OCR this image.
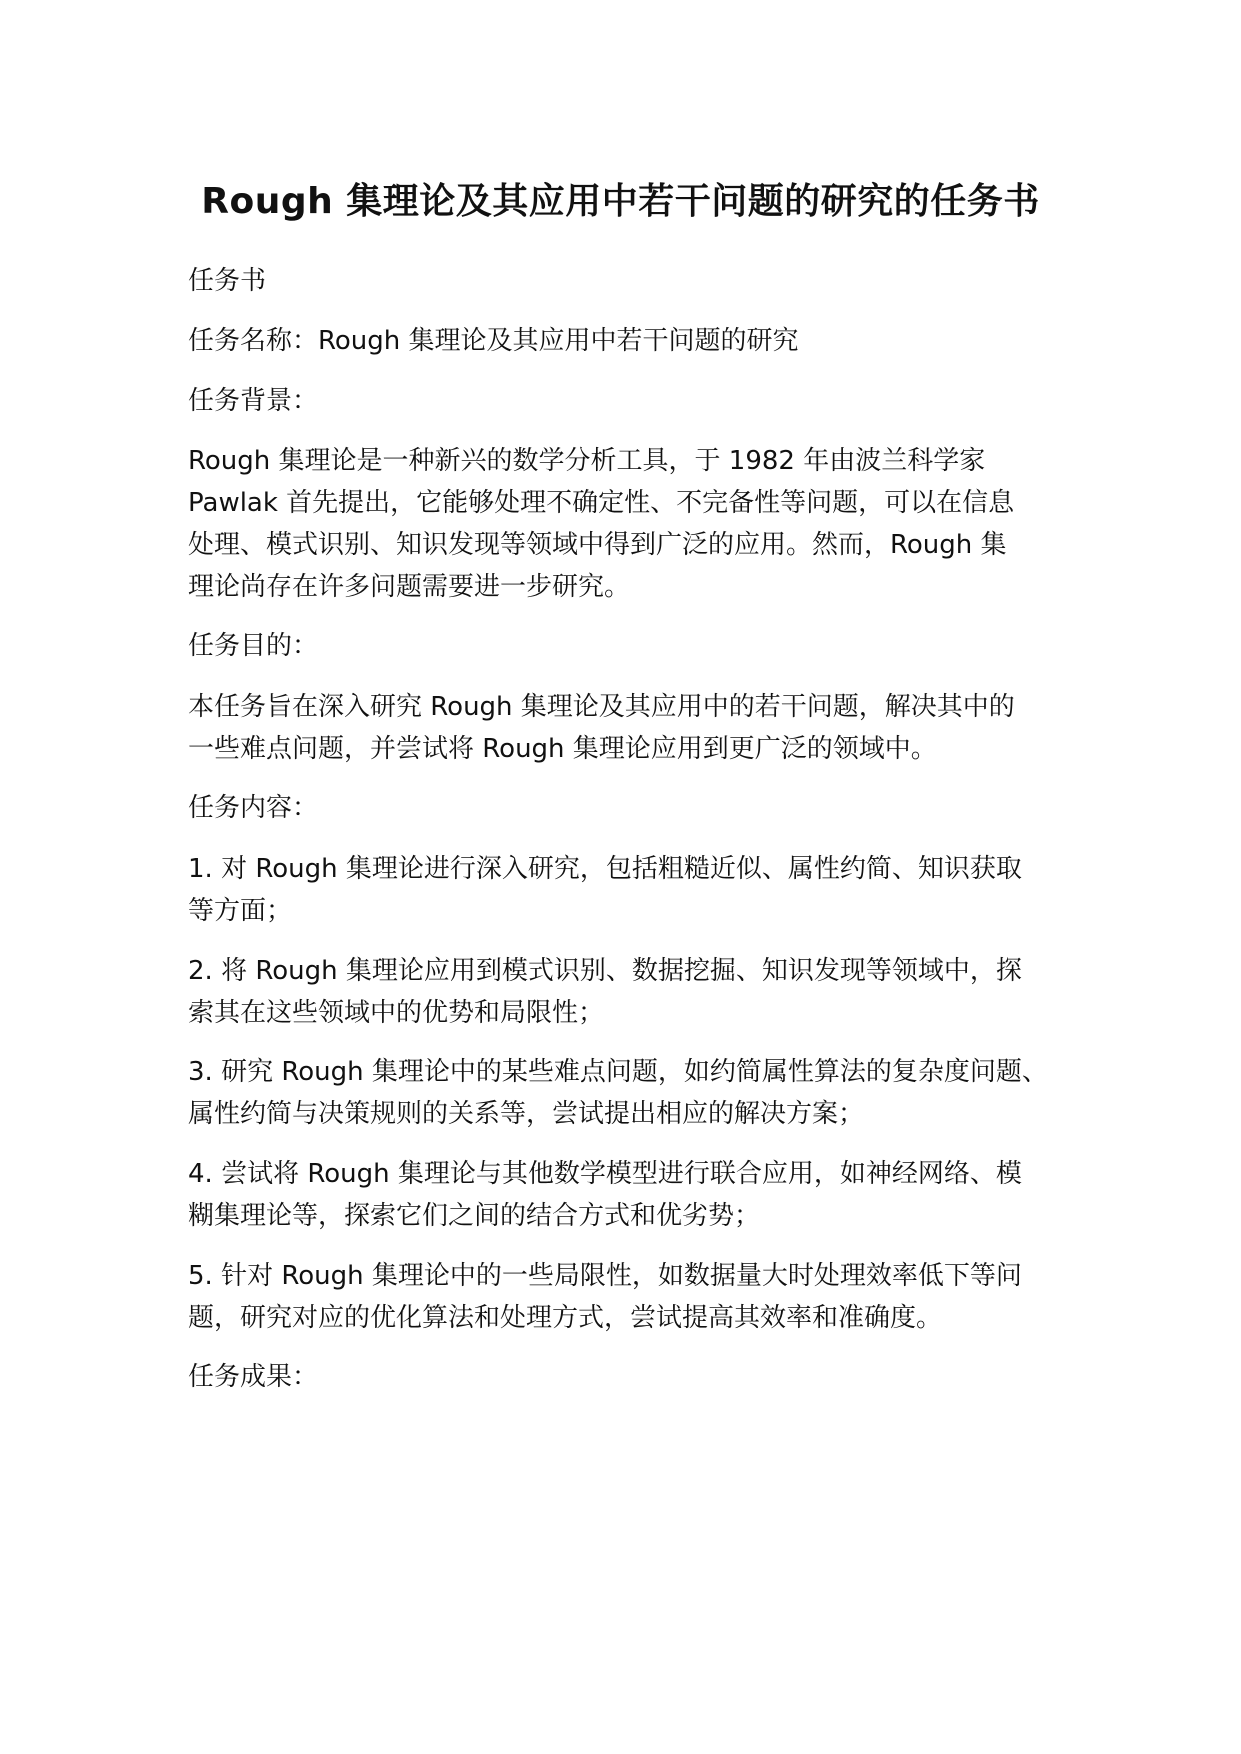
Rough 集理论及其应用中若干问题的研究的任务书

任务书

任务名称：Rough 集理论及其应用中若干问题的研究

任务背景：

Rough 集理论是一种新兴的数学分析工具，于 1982 年由波兰科学家

Pawlak 首先提出，它能够处理不确定性、不完备性等问题，可以在信息

处理、模式识别、知识发现等领域中得到广泛的应用。然而，Rough 集

理论尚存在许多问题需要进一步研究。

任务目的：

本任务旨在深入研究 Rough 集理论及其应用中的若干问题，解决其中的

一些难点问题，并尝试将 Rough 集理论应用到更广泛的领域中。

任务内容：

1. 对 Rough 集理论进行深入研究，包括粗糙近似、属性约简、知识获取

等方面；

2. 将 Rough 集理论应用到模式识别、数据挖掘、知识发现等领域中，探

索其在这些领域中的优势和局限性；

3. 研究 Rough 集理论中的某些难点问题，如约简属性算法的复杂度问题、

属性约简与决策规则的关系等，尝试提出相应的解决方案；

4. 尝试将 Rough 集理论与其他数学模型进行联合应用，如神经网络、模

糊集理论等，探索它们之间的结合方式和优劣势；

5. 针对 Rough 集理论中的一些局限性，如数据量大时处理效率低下等问

题，研究对应的优化算法和处理方式，尝试提高其效率和准确度。

任务成果：
